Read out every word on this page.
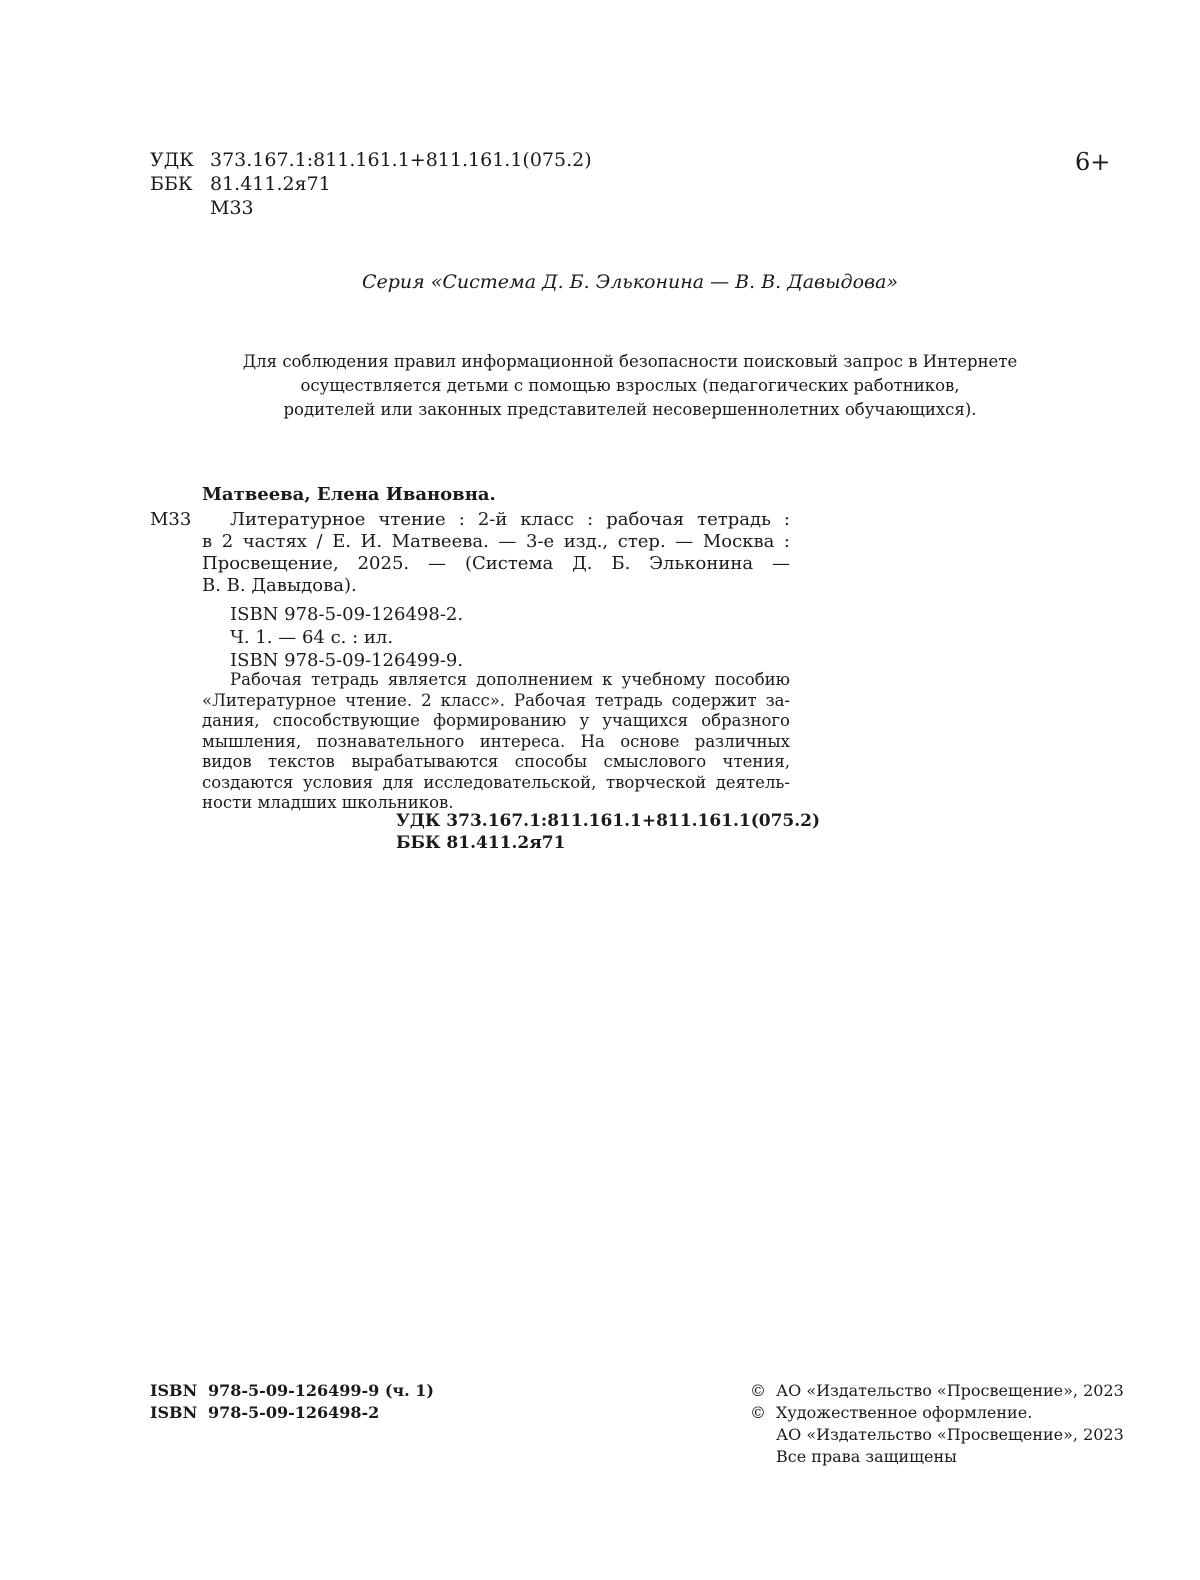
УДК 373.167.1:811.161.1+811.161.1(075.2)
ББК 81.411.2я71
М33
6+
Серия «Система Д. Б. Эльконина — В. В. Давыдова»
Для соблюдения правил информационной безопасности поисковый запрос в Интернете
осуществляется детьми с помощью взрослых (педагогических работников,
родителей или законных представителей несовершеннолетних обучающихся).
Матвеева, Елена Ивановна.
М33	Литературное чтение : 2-й класс : рабочая тетрадь :
в 2 частях / Е. И. Матвеева. — 3-е изд., стер. — Москва :
Просвещение, 2025. — (Система Д. Б. Эльконина —
В. В. Давыдова).
ISBN 978-5-09-126498-2.
Ч. 1. — 64 с. : ил.
ISBN 978-5-09-126499-9.
Рабочая тетрадь является дополнением к учебному пособию
«Литературное чтение. 2 класс». Рабочая тетрадь содержит за-
дания, способствующие формированию у учащихся образного
мышления, познавательного интереса. На основе различных
видов текстов вырабатываются способы смыслового чтения,
создаются условия для исследовательской, творческой деятель-
ности младших школьников.
УДК 373.167.1:811.161.1+811.161.1(075.2)
ББК 81.411.2я71
ISBN 978-5-09-126499-9 (ч. 1)
ISBN 978-5-09-126498-2
© АО «Издательство «Просвещение», 2023
© Художественное оформление.
АО «Издательство «Просвещение», 2023
Все права защищены
